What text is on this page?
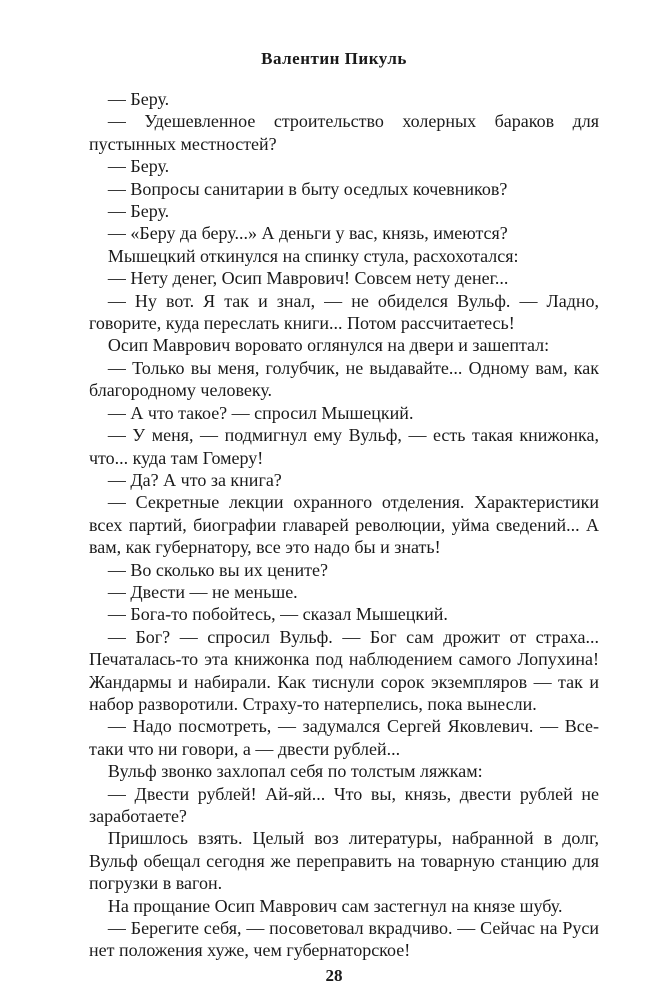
Валентин Пикуль

— Беру.

— Удешевленное строительство холерных бараков для пустынных местностей?

— Беру.

— Вопросы санитарии в быту оседлых кочевников?

— Беру.

— «Беру да беру...» А деньги у вас, князь, имеются?

Мышецкий откинулся на спинку стула, расхохотался:

— Нету денег, Осип Маврович! Совсем нету денег...

— Ну вот. Я так и знал, — не обиделся Вульф. — Ладно, говорите, куда переслать книги... Потом рассчитаетесь!

Осип Маврович воровато оглянулся на двери и зашептал:

— Только вы меня, голубчик, не выдавайте... Одному вам, как благородному человеку.

— А что такое? — спросил Мышецкий.

— У меня, — подмигнул ему Вульф, — есть такая книжонка, что... куда там Гомеру!

— Да? А что за книга?

— Секретные лекции охранного отделения. Характеристики всех партий, биографии главарей революции, уйма сведений... А вам, как губернатору, все это надо бы и знать!

— Во сколько вы их цените?

— Двести — не меньше.

— Бога-то побойтесь, — сказал Мышецкий.

— Бог? — спросил Вульф. — Бог сам дрожит от страха... Печаталась-то эта книжонка под наблюдением самого Лопухина! Жандармы и набирали. Как тиснули сорок экземпляров — так и набор разворотили. Страху-то натерпелись, пока вынесли.

— Надо посмотреть, — задумался Сергей Яковлевич. — Все-таки что ни говори, а — двести рублей...

Вульф звонко захлопал себя по толстым ляжкам:

— Двести рублей! Ай-яй... Что вы, князь, двести рублей не заработаете?

Пришлось взять. Целый воз литературы, набранной в долг, Вульф обещал сегодня же переправить на товарную станцию для погрузки в вагон.

На прощание Осип Маврович сам застегнул на князе шубу.

— Берегите себя, — посоветовал вкрадчиво. — Сейчас на Руси нет положения хуже, чем губернаторское!

28
